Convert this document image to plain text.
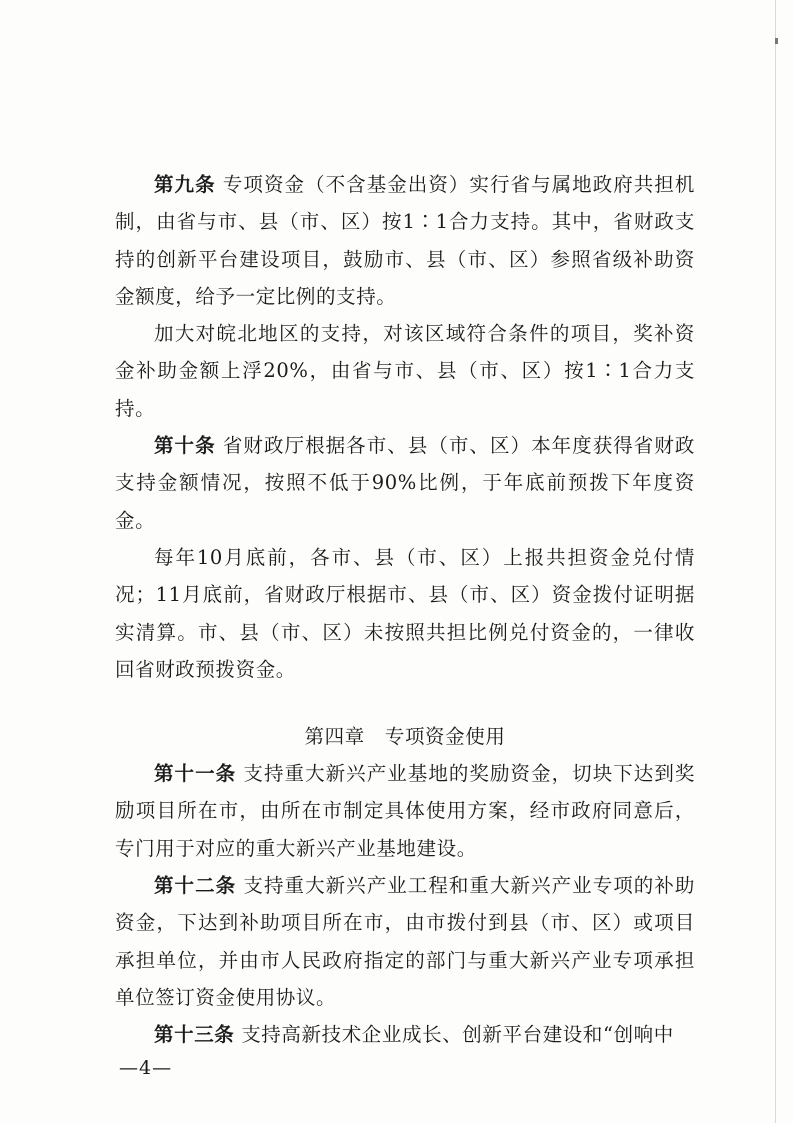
第九条 专项资金（不含基金出资）实行省与属地政府共担机制，由省与市、县（市、区）按1∶1合力支持。其中，省财政支持的创新平台建设项目，鼓励市、县（市、区）参照省级补助资金额度，给予一定比例的支持。

加大对皖北地区的支持，对该区域符合条件的项目，奖补资金补助金额上浮20%，由省与市、县（市、区）按1∶1合力支持。

第十条 省财政厅根据各市、县（市、区）本年度获得省财政支持金额情况，按照不低于90%比例，于年底前预拨下年度资金。

每年10月底前，各市、县（市、区）上报共担资金兑付情况；11月底前，省财政厅根据市、县（市、区）资金拨付证明据实清算。市、县（市、区）未按照共担比例兑付资金的，一律收回省财政预拨资金。

第四章 专项资金使用

第十一条 支持重大新兴产业基地的奖励资金，切块下达到奖励项目所在市，由所在市制定具体使用方案，经市政府同意后，专门用于对应的重大新兴产业基地建设。

第十二条 支持重大新兴产业工程和重大新兴产业专项的补助资金，下达到补助项目所在市，由市拨付到县（市、区）或项目承担单位，并由市人民政府指定的部门与重大新兴产业专项承担单位签订资金使用协议。

第十三条 支持高新技术企业成长、创新平台建设和“创响中

—4—
